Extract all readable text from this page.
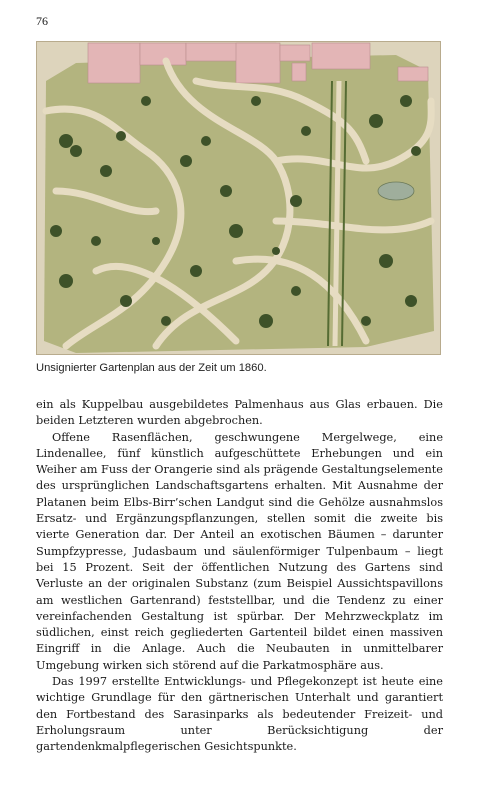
76
Unsignierter Gartenplan aus der Zeit um 1860.

ein als Kuppelbau ausgebildetes Palmenhaus aus Glas erbauen. Die beiden Letzteren wurden abgebrochen.

Offene Rasenflächen, geschwungene Mergelwege, eine Lindenallee, fünf künstlich aufgeschüttete Erhebungen und ein Weiher am Fuss der Orangerie sind als prägende Gestaltungselemente des ursprünglichen Landschaftsgartens erhalten. Mit Ausnahme der Platanen beim Elbs-Birr’schen Landgut sind die Gehölze ausnahmslos Ersatz- und Ergänzungspflanzungen, stellen somit die zweite bis vierte Generation dar. Der Anteil an exotischen Bäumen – darunter Sumpfzypresse, Judasbaum und säulenförmiger Tulpenbaum – liegt bei 15 Prozent. Seit der öffentlichen Nutzung des Gartens sind Verluste an der originalen Substanz (zum Beispiel Aussichtspavillons am westlichen Gartenrand) feststellbar, und die Tendenz zu einer vereinfachenden Gestaltung ist spürbar. Der Mehrzweckplatz im südlichen, einst reich gegliederten Gartenteil bildet einen massiven Eingriff in die Anlage. Auch die Neubauten in unmittelbarer Umgebung wirken sich störend auf die Parkatmosphäre aus.

Das 1997 erstellte Entwicklungs- und Pflegekonzept ist heute eine wichtige Grundlage für den gärtnerischen Unterhalt und garantiert den Fortbestand des Sarasinparks als bedeutender Freizeit- und Erholungsraum unter Berücksichtigung der gartendenkmalpflegerischen Gesichtspunkte.
